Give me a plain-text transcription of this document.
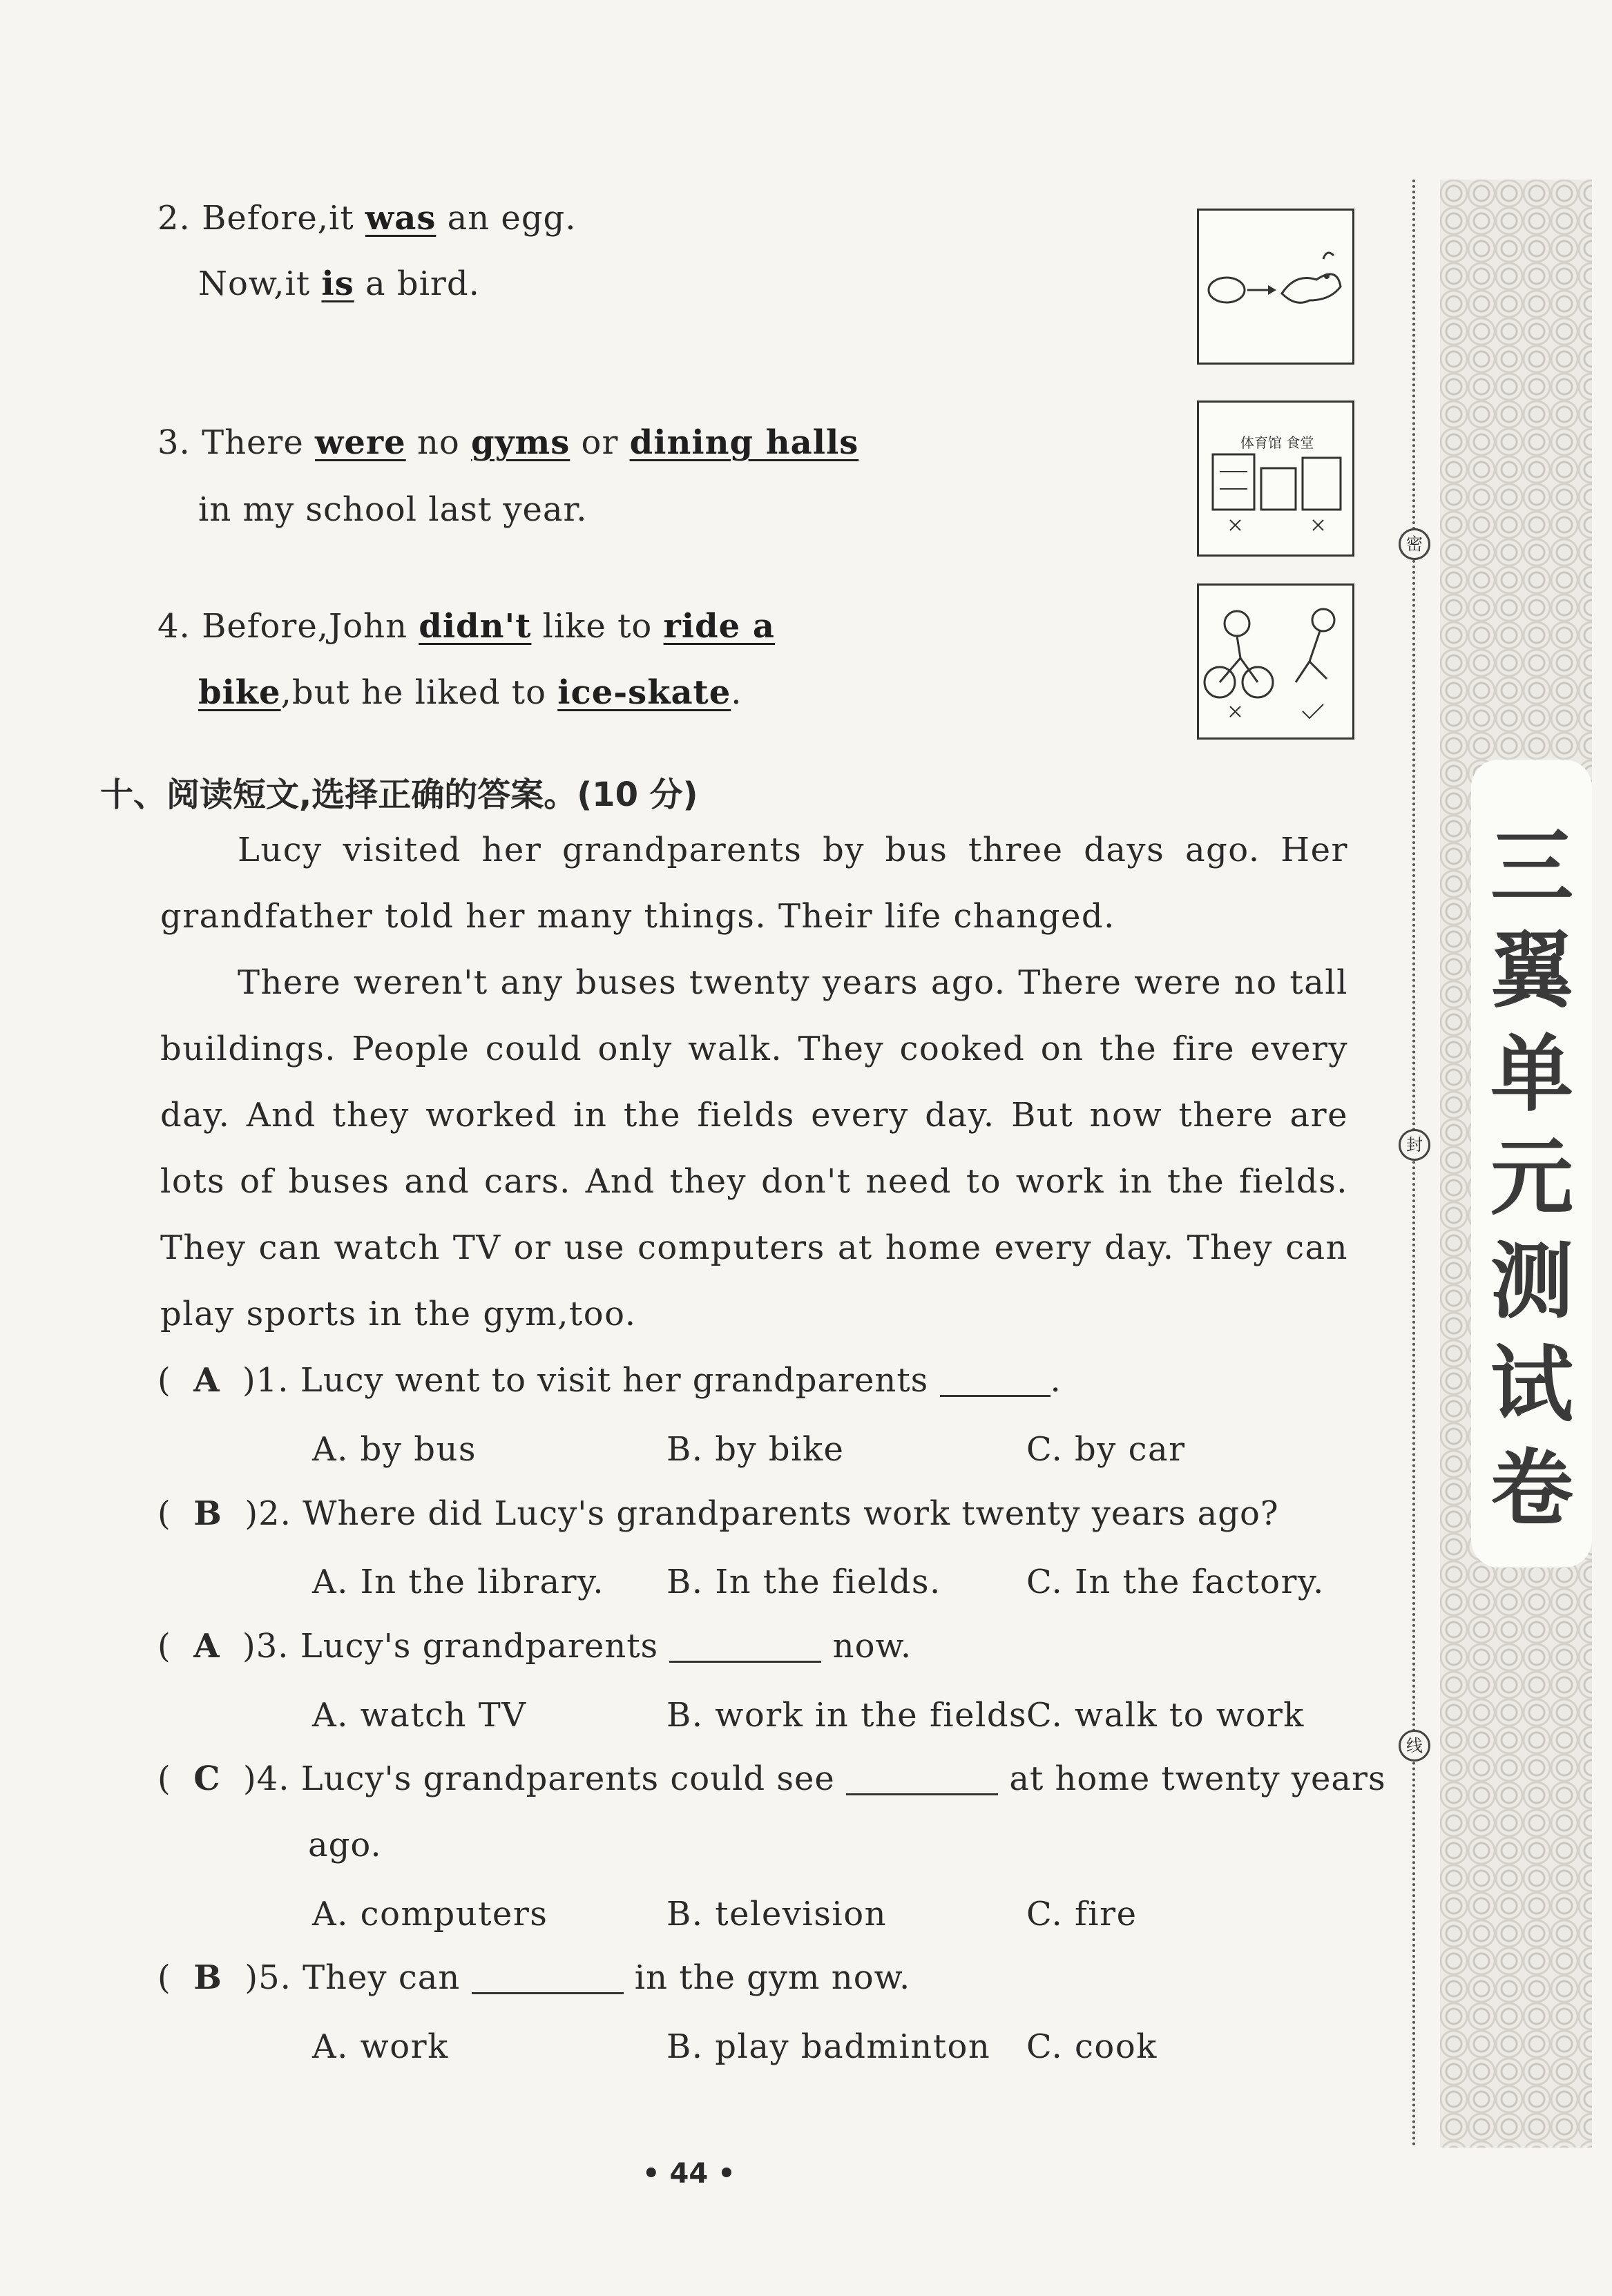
2. Before,it was an egg.
Now,it is a bird.
3. There were no gyms or dining halls
in my school last year.
体育馆 食堂
4. Before,John didn't like to ride a
bike,but he liked to ice-skate.
十、阅读短文,选择正确的答案。(10 分)
Lucy visited her grandparents by bus three days ago. Her grandfather told her many things. Their life changed.
There weren't any buses twenty years ago. There were no tall buildings. People could only walk. They cooked on the fire every day. And they worked in the fields every day. But now there are lots of buses and cars. And they don't need to work in the fields. They can watch TV or use computers at home every day. They can play sports in the gym,too.
(  A )1. Lucy went to visit her grandparents	.
A. by bus	B. by bike	C. by car
(  B )2. Where did Lucy's grandparents work twenty years ago?
A. In the library. B. In the fields.	C. In the factory.
(  A )3. Lucy's grandparents	now.
A. watch TV	B. work in the fields
C. walk to work
(  C )4. Lucy's grandparents could see	at home twenty years
ago.
A. computers	B. television	C. fire
(  B )5. They can	in the gym now.
A. work	B. play badminton C. cook
• 44 •
密
封
线
三
翼
单
元
测
试
卷
